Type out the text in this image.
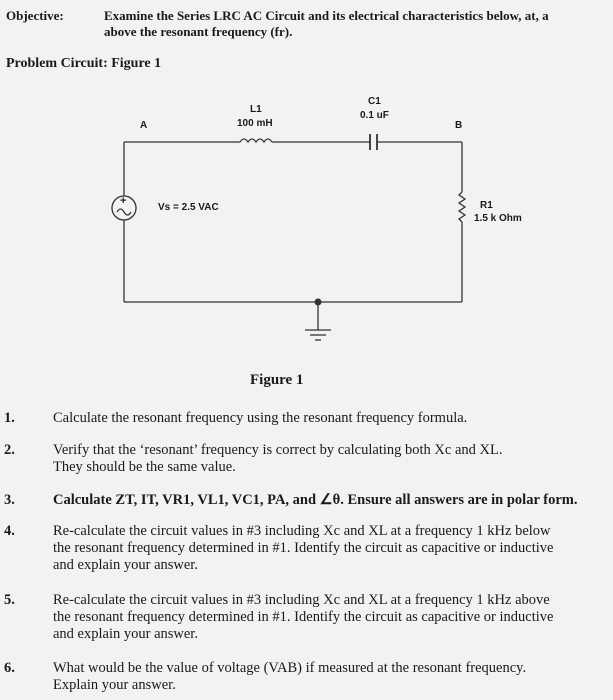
Objective:	Examine the Series LRC AC Circuit and its electrical characteristics below, at, a
above the resonant frequency (fr).
Problem Circuit: Figure 1
+
A	B
L1
100 mH
C1
0.1 uF
R1
1.5 k Ohm
Vs = 2.5 VAC
Figure 1
1.	Calculate the resonant frequency using the resonant frequency formula.
2.	Verify that the ‘resonant’ frequency is correct by calculating both Xc and XL.
They should be the same value.
3.	Calculate ZT, IT, VR1, VL1, VC1, PA, and ∠θ. Ensure all answers are in polar form.
4.	Re-calculate the circuit values in #3 including Xc and XL at a frequency 1 kHz below
the resonant frequency determined in #1. Identify the circuit as capacitive or inductive
and explain your answer.
5.	Re-calculate the circuit values in #3 including Xc and XL at a frequency 1 kHz above
the resonant frequency determined in #1. Identify the circuit as capacitive or inductive
and explain your answer.
6.	What would be the value of voltage (VAB) if measured at the resonant frequency.
Explain your answer.
